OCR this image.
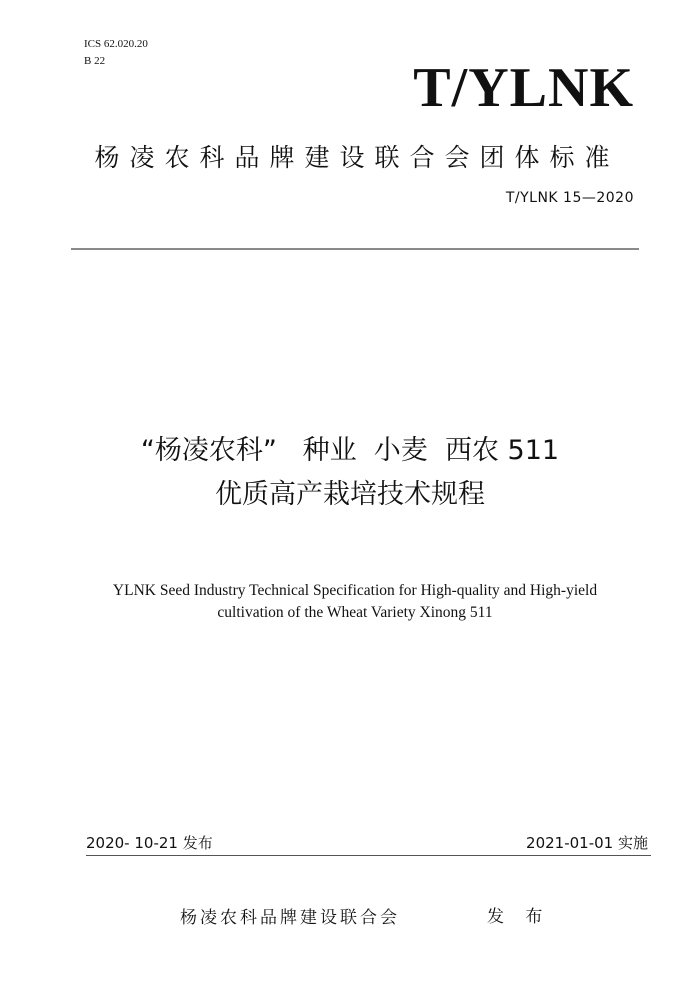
ICS 62.020.20
B 22	T/YLNK
杨凌农科品牌建设联合会团体标准
T/YLNK 15—2020
“杨凌农科”   种业  小麦  西农 511
优质高产栽培技术规程
YLNK Seed Industry Technical Specification for High-quality and High-yield
cultivation of the Wheat Variety Xinong 511
2020- 10-21 发布	2021-01-01 实施
杨凌农科品牌建设联合会	发 布
